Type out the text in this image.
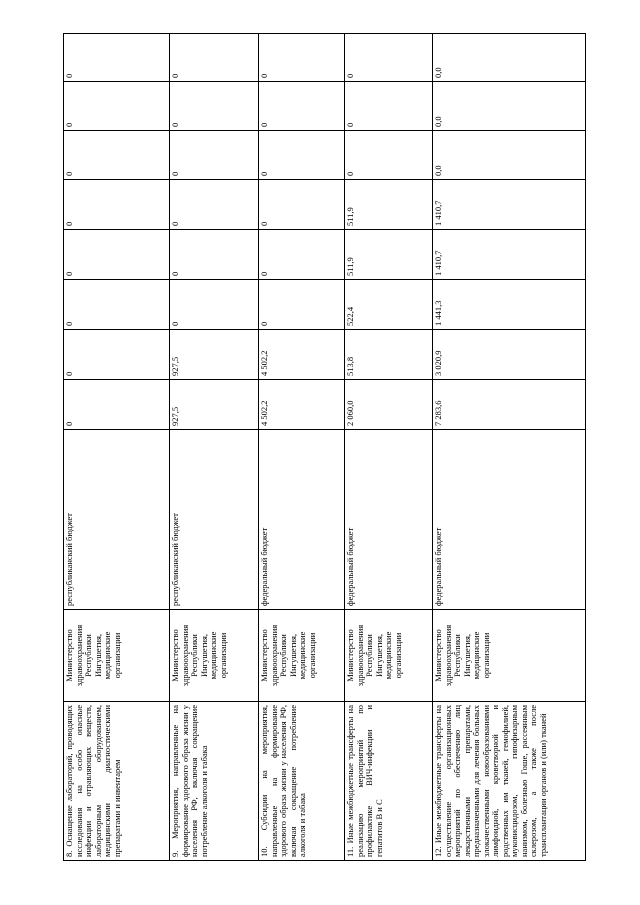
8. Оснащение лабораторий, проводящих исследования на особо опасные инфекции и отравляющих веществ, лабораторным оборудованием, медицинскими диагностическими препаратами и инвентарем	Министерство здравоохранения Республики Ингушетия, медицинские организации	республиканский бюджет	0	0	0	0	0	0	0	0
9. Мероприятия, направленные на формирование здорового образа жизни у населения РФ, включая сокращение потребление алкоголя и табака	Министерство здравоохранения Республики Ингушетия, медицинские организации	республиканский бюджет	927,5	927,5	0	0	0	0	0	0
10. Субсидии на мероприятия, направленные на формирование здорового образа жизни у населения РФ, включая сокращение потребление алкоголя и табака	Министерство здравоохранения Республики Ингушетия, медицинские организации	федеральный бюджет	4 502,2	4 502,2	0	0	0	0	0	0
11. Иные межбюджетные трансферты на реализацию мероприятий по профилактике ВИЧ-инфекции и гепатитов В и С	Министерство здравоохранения Республики Ингушетия, медицинские организации	федеральный бюджет	2 060,0	513,8	522,4	511,9	511,9	0	0	0
12. Иные межбюджетные трансферты на осуществление организационных мероприятий по обеспечению лиц лекарственными препаратами, предназначенными для лечения больных злокачественными новообразованиями лимфоидной, кроветворной и родственных им тканей, гемофилией, муковисцидозом, гипофизарным нанизмом, болезнью Гоше, рассеянным склерозом, а также после трансплантации органов и (или) тканей	Министерство здравоохранения Республики Ингушетия, медицинские организации	федеральный бюджет	7 283,6	3 020,9	1 441,3	1 410,7	1 410,7	0,0	0,0	0,0
